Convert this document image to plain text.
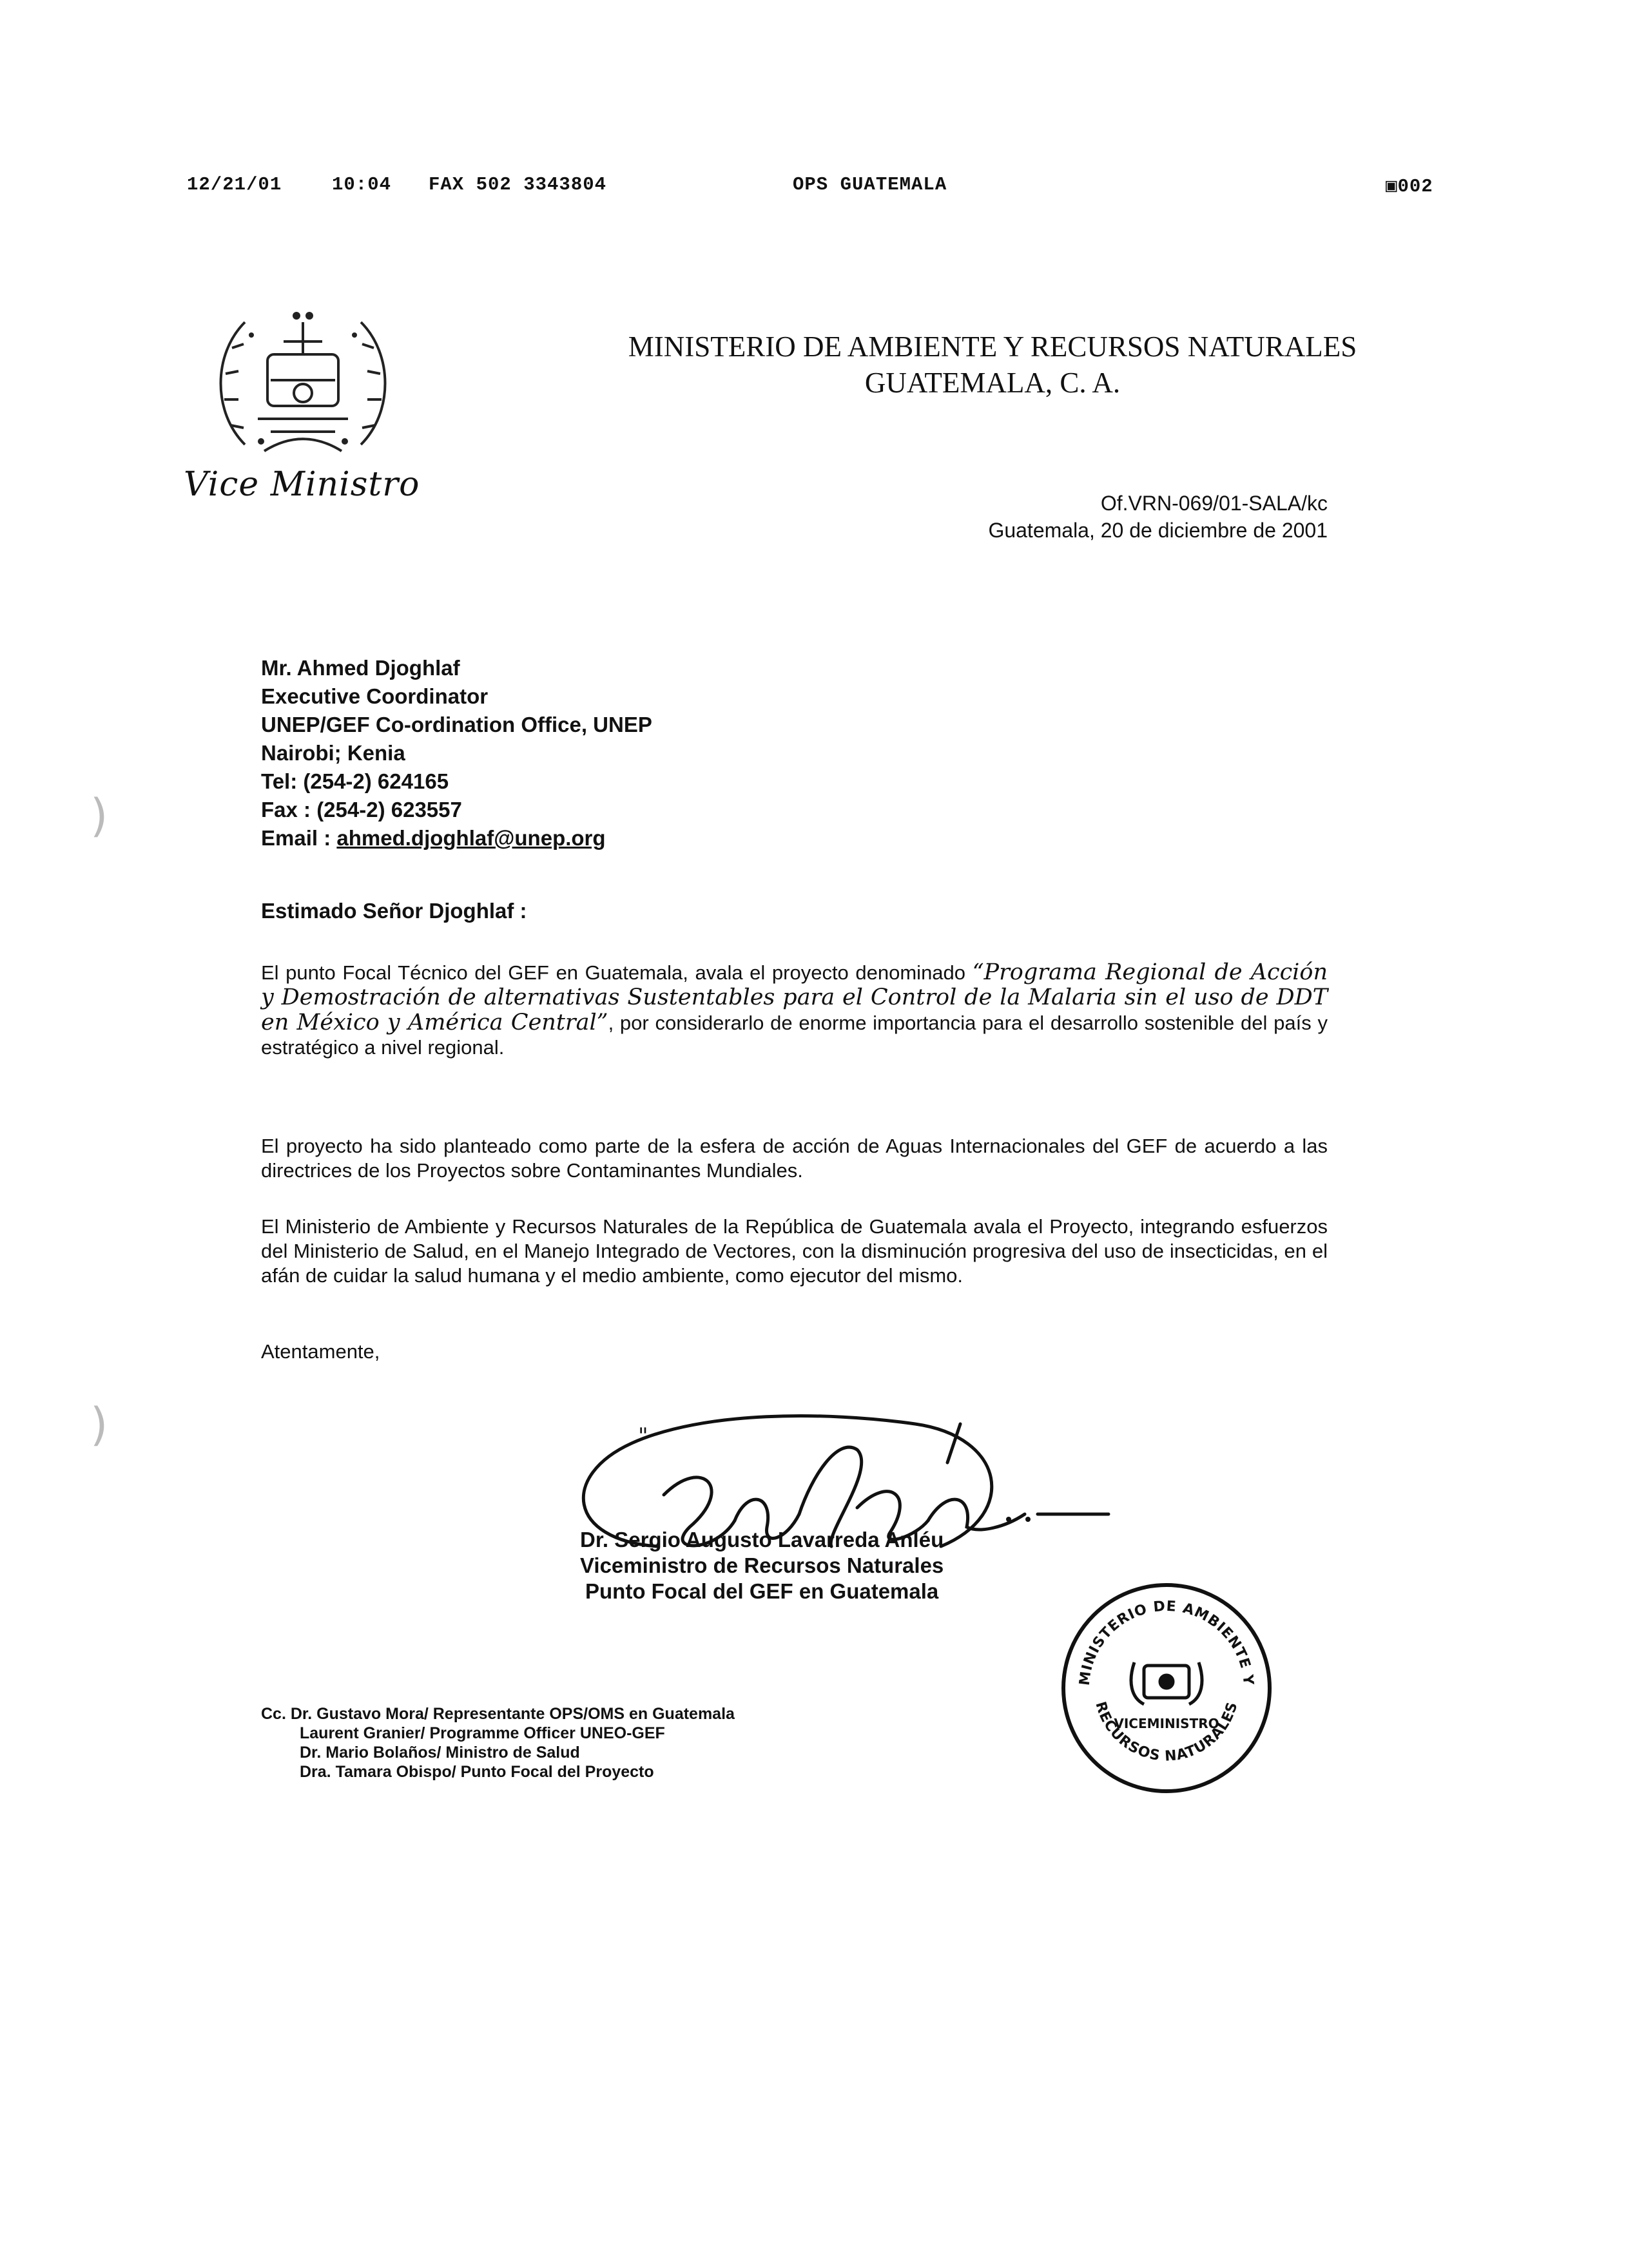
12/21/01	10:04 FAX 502 3343804	OPS GUATEMALA	▣002
Vice Ministro
MINISTERIO DE AMBIENTE Y RECURSOS NATURALES
GUATEMALA, C. A.
Of.VRN-069/01-SALA/kc
Guatemala, 20 de diciembre de 2001
Mr. Ahmed Djoghlaf
Executive Coordinator
UNEP/GEF Co-ordination Office, UNEP
Nairobi; Kenia
Tel: (254-2) 624165
Fax : (254-2) 623557
Email : ahmed.djoghlaf@unep.org
Estimado Señor Djoghlaf :
El punto Focal Técnico del GEF en Guatemala, avala el proyecto denominado “Programa Regional de Acción y Demostración de alternativas Sustentables para el Control de la Malaria sin el uso de DDT en México y América Central”, por considerarlo de enorme importancia para el desarrollo sostenible del país y estratégico a nivel regional.
El proyecto ha sido planteado como parte de la esfera de acción de Aguas Internacionales del GEF de acuerdo a las directrices de los Proyectos sobre Contaminantes Mundiales.
El Ministerio de Ambiente y Recursos Naturales de la República de Guatemala avala el Proyecto, integrando esfuerzos del Ministerio de Salud, en el Manejo Integrado de Vectores, con la disminución progresiva del uso de insecticidas, en el afán de cuidar la salud humana y el medio ambiente, como ejecutor del mismo.
Atentamente,
"
Dr. Sergio Augusto Lavarreda Anléu
Viceministro de Recursos Naturales
Punto Focal del GEF en Guatemala
MINISTERIO DE AMBIENTE Y
RECURSOS NATURALES
VICEMINISTRO
Cc. Dr. Gustavo Mora/ Representante OPS/OMS en Guatemala
Laurent Granier/ Programme Officer UNEO-GEF
Dr. Mario Bolaños/ Ministro de Salud
Dra. Tamara Obispo/ Punto Focal del Proyecto
)
)
